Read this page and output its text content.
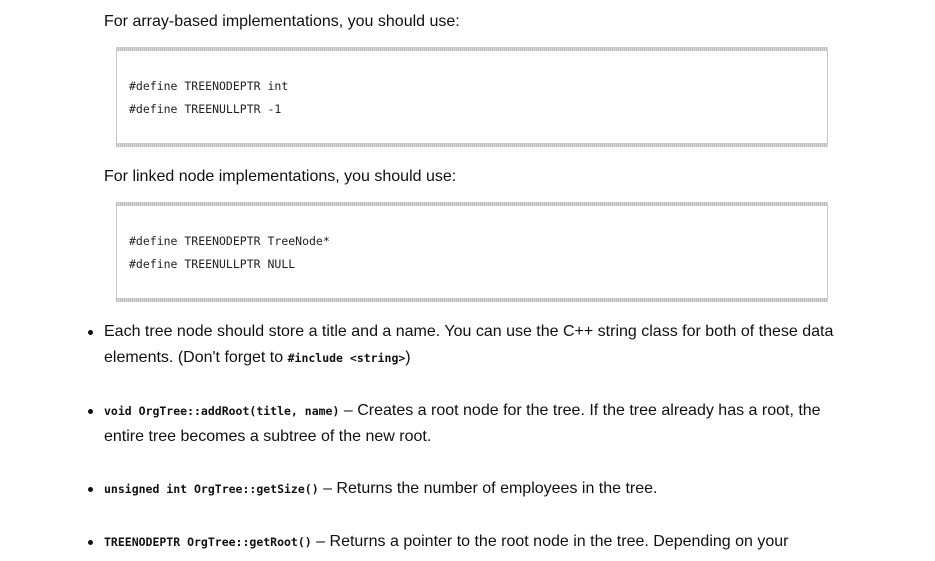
For array-based implementations, you should use:
#define TREENODEPTR int
#define TREENULLPTR -1
For linked node implementations, you should use:
#define TREENODEPTR TreeNode*
#define TREENULLPTR NULL
Each tree node should store a title and a name. You can use the C++ string class for both of these data elements. (Don't forget to #include <string>)
void OrgTree::addRoot(title, name) – Creates a root node for the tree. If the tree already has a root, the entire tree becomes a subtree of the new root.
unsigned int OrgTree::getSize() – Returns the number of employees in the tree.
TREENODEPTR OrgTree::getRoot() – Returns a pointer to the root node in the tree. Depending on your
